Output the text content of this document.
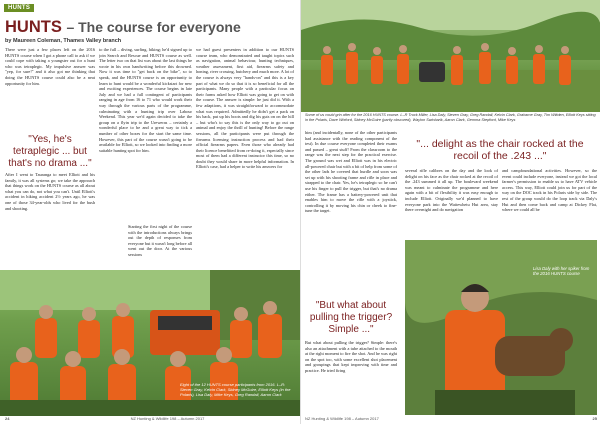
HUNTS
HUNTS – The course for everyone
by Maureen Coleman, Thames Valley branch

There were just a few places left on the 2016 HUNTS course when I got a phone call to ask if we could cope with taking a youngster out for a hunt who was tetraplegic. My impulsive answer was "yep, for sure!" and it also got me thinking that doing the HUNTS course could also be a neat opportunity for him.

"Yes, he's tetraplegic ... but that's no drama ..."

After I went to Tauranga to meet Elliott and his family, it was all systems go; we take the approach that things work on the HUNTS course as all about what you can do, not what you can't. Until Elliott's accident in hiking accident 2½ years ago, he was one of those 34-year-olds who lived for the bush and shooting.

to the full – diving, surfing, hiking; he'd signed up to join Search and Rescue and HUNTS course as well. The letter two on that list was about the last things he wrote in his own handwriting before this drowned. Now it was time to "get back on the bike", so to speak, and the HUNTS course is an opportunity to learn to hunt would be a wonderful kickstart for new and exciting experiences. The course begins in late July and we had a full contingent of participants ranging in age from 16 to 71 who would work their way through the various parts of the programme, culminating with a hunting trip over Labour Weekend. This year we'd again decided to take the group on a flyin trip to the Ureweras – certainly a wonderful place to be and a great way to tick a number of other boxes for the start the same time. However, this part of the course wasn't going to be available for Elliott, so we looked into finding a more suitable hunting spot for him.

Starting the first night of the course with the introductions always brings out the depth of responses from everyone but it wasn't long before all went out the door. At the various sessions

we had guest presenters in addition to our HUNTS course team, who demonstrated and taught topics such as navigation, animal behaviour, hunting techniques, weather assessment, first aid, firearms safety and honing, river crossing, butchery and much more. A lot of the course is always very "hands-on" and this is a key part of what we do so that it is so beneficial for all the participants. Many people with a particular focus on their farms asked how Elliott was going to get on with the course. The answer is simple: he just did it. With a few adaptions, it was straightforward to accommodate what was required. Admittedly he didn't get a pack on his back, put up his boots and dig his guts on on the hill – but who's to say this is the only way to go out on animal and enjoy the thrill of hunting! Before the range sessions, all the participants were put through the firearms licensing instruction process and had their official firearms papers. Even those who already had their licence benefitted from re-doing it, especially since most of them had a different instructor this time, so no doubt they would share in more helpful information. In Elliott's case, had a helper to write his answers for

Eight of the 12 HUNTS course participants from 2016. L–R: Steven Gray, Kelvin Clark, Sidney McGuire, Elliott Keys (in the Polaris), Lisa Daly, Mike Keys, Greg Randall, Aaron Clark

24	NZ Hunting & Wildlife 198 – Autumn 2017

Some of us could grin after for the 2016 HUNTS course. L–R Truck Miller, Lisa Daly, Steven Gray, Greg Randall, Kelvin Clark, Grahame Gray, Tim Wiltden, Elliott Keys sitting in the Polaris, Dave Wixford, Sidney McGuire (partly obscured), Waylon Swinbarik, Aaron Clark, Gemma Stepford, Mike Keys

him (and incidentally, none of the other participants had assistance with the reading component of the test). In due course everyone completed their exams and passed – great stuff! From the classroom to the range was the next step for the practical exercise. The ground was wet and Elliott was in his electric all-powered chair but with a bit of help from some of the other lads he covered that hurdle and soon was set up with his shooting frame and rifle in place and strapped to the chair. Yes, he's tetraplegic so he can't use his finger to pull the trigger, but that's no drama either. The frame has a battery-powered unit that enables him to move the rifle with a joystick, controlling it by moving his chin or cheek to fine-tune the target.

"But what about pulling the trigger? Simple ..."

But what about pulling the trigger? Simple: there's also an attachment with a tube attached to the mouth at the right moment to fire the shot. And he was right on the spot too, with some excellent shot placement and groupings that kept improving with time and practice. He tried firing

"... delight as the chair rocked at the recoil of the .243 ..."

several rifle calibres on the day and the look of delight on his face as the chair rocked at the recoil of the .243 summed it all up. The boulevard weekend was meant to culminate the programme and here again with a bit of flexibility it was easy enough to include Elliott. Originally we'd planned to have everyone park into the Waitewhetu Hut area, stay there overnight and do navigation

and campfoundational activities. However, so the event could include everyone, instead we got the local farmer's permission to enable us to have ATV vehicle access. This way, Elliott could join us for part of the way on the DOC track in his Polaris side by side. The rest of the group would do the loop track via Daly's Hut and then come back and camp at Dickey Flat, where we could all be

Lisa Daly with her spiker from the 2016 HUNTS course

NZ Hunting & Wildlife 198 – Autumn 2017	25
